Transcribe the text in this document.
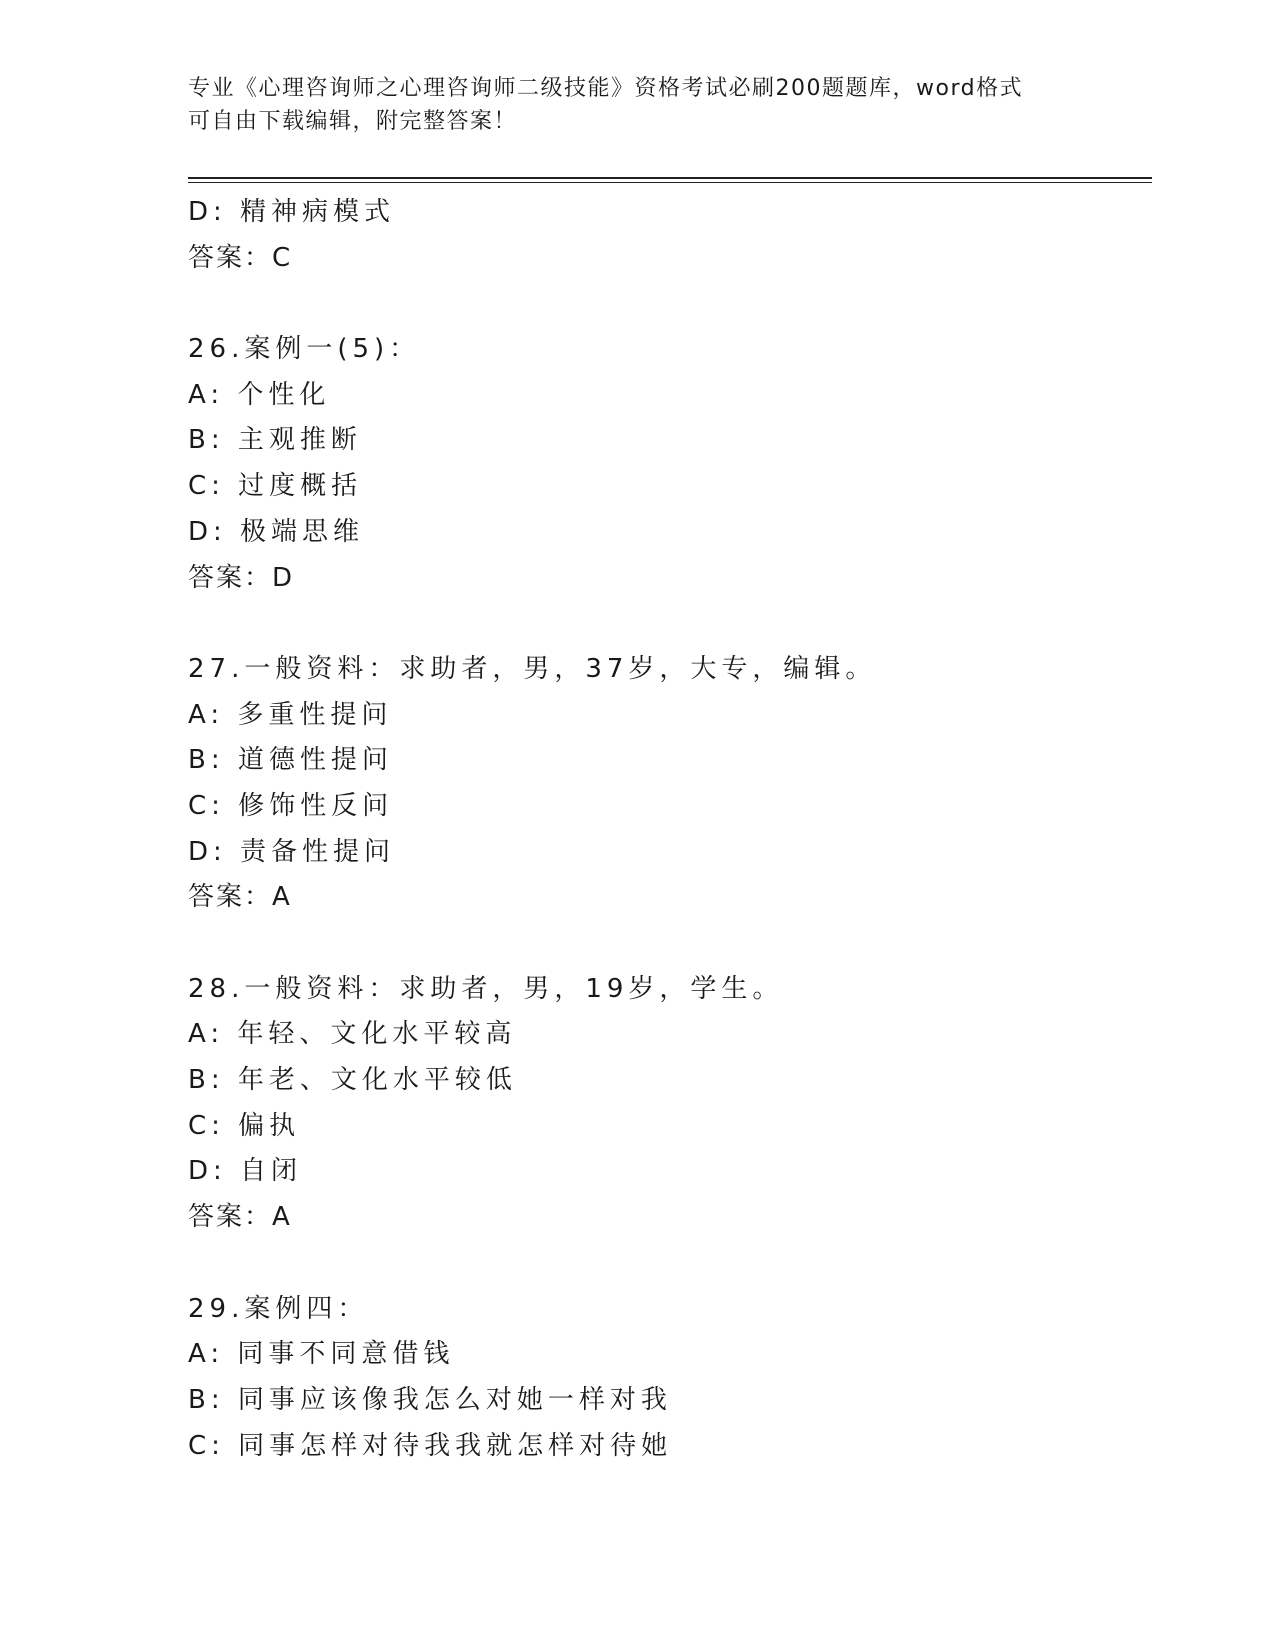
专业《心理咨询师之心理咨询师二级技能》资格考试必刷200题题库，word格式
可自由下载编辑，附完整答案！
D: 精神病模式
答案：C
26.案例一(5)：
A: 个性化
B: 主观推断
C: 过度概括
D: 极端思维
答案：D
27.一般资料：求助者，男，37岁，大专，编辑。
A: 多重性提问
B: 道德性提问
C: 修饰性反问
D: 责备性提问
答案：A
28.一般资料：求助者，男，19岁，学生。
A: 年轻、文化水平较高
B: 年老、文化水平较低
C: 偏执
D: 自闭
答案：A
29.案例四：
A: 同事不同意借钱
B: 同事应该像我怎么对她一样对我
C: 同事怎样对待我我就怎样对待她
